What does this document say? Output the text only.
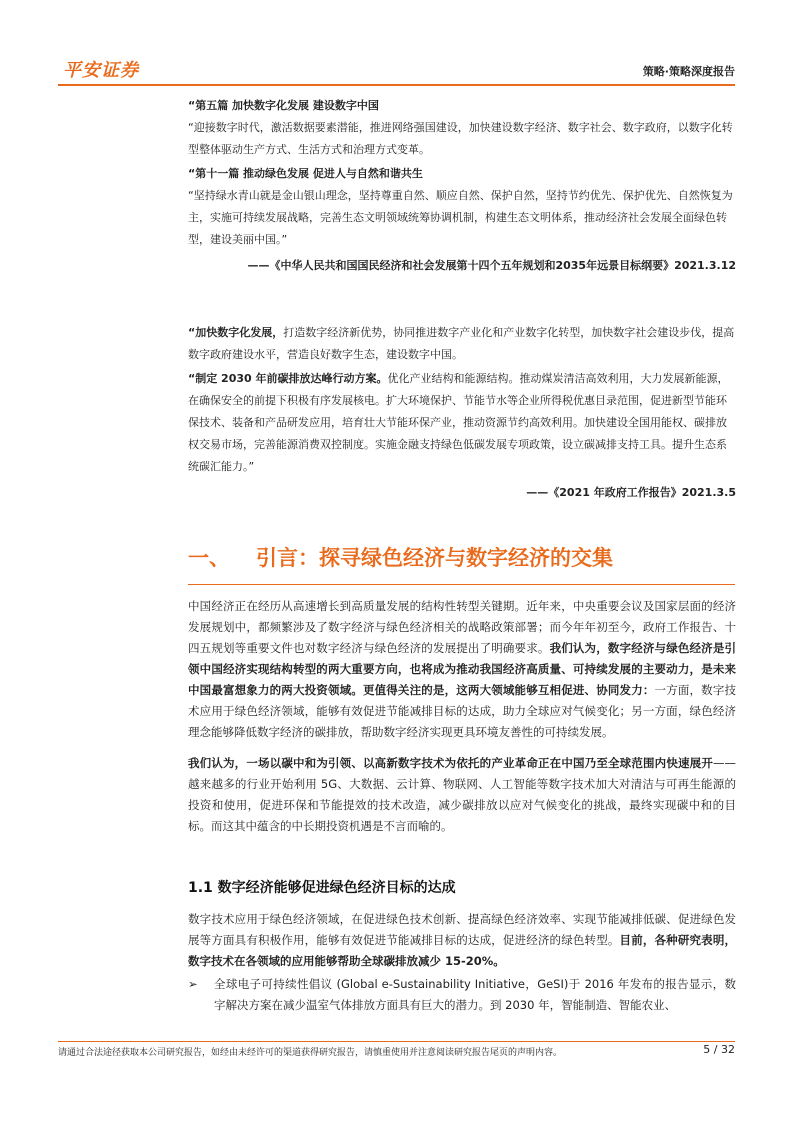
平安证券	策略·策略深度报告

“第五篇 加快数字化发展 建设数字中国

“迎接数字时代，激活数据要素潜能，推进网络强国建设，加快建设数字经济、数字社会、数字政府，以数字化转型整体驱动生产方式、生活方式和治理方式变革。

“第十一篇 推动绿色发展 促进人与自然和谐共生

“坚持绿水青山就是金山银山理念，坚持尊重自然、顺应自然、保护自然，坚持节约优先、保护优先、自然恢复为主，实施可持续发展战略，完善生态文明领域统筹协调机制，构建生态文明体系，推动经济社会发展全面绿色转型，建设美丽中国。”

——《中华人民共和国国民经济和社会发展第十四个五年规划和2035年远景目标纲要》2021.3.12

“加快数字化发展，打造数字经济新优势，协同推进数字产业化和产业数字化转型，加快数字社会建设步伐，提高数字政府建设水平，营造良好数字生态，建设数字中国。

“制定 2030 年前碳排放达峰行动方案。优化产业结构和能源结构。推动煤炭清洁高效利用，大力发展新能源，在确保安全的前提下积极有序发展核电。扩大环境保护、节能节水等企业所得税优惠目录范围，促进新型节能环保技术、装备和产品研发应用，培育壮大节能环保产业，推动资源节约高效利用。加快建设全国用能权、碳排放权交易市场，完善能源消费双控制度。实施金融支持绿色低碳发展专项政策，设立碳减排支持工具。提升生态系统碳汇能力。”

——《2021 年政府工作报告》2021.3.5

一、 引言：探寻绿色经济与数字经济的交集

中国经济正在经历从高速增长到高质量发展的结构性转型关键期。近年来，中央重要会议及国家层面的经济发展规划中，都频繁涉及了数字经济与绿色经济相关的战略政策部署；而今年年初至今，政府工作报告、十四五规划等重要文件也对数字经济与绿色经济的发展提出了明确要求。我们认为，数字经济与绿色经济是引领中国经济实现结构转型的两大重要方向，也将成为推动我国经济高质量、可持续发展的主要动力，是未来中国最富想象力的两大投资领域。更值得关注的是，这两大领域能够互相促进、协同发力：一方面，数字技术应用于绿色经济领域，能够有效促进节能减排目标的达成，助力全球应对气候变化；另一方面，绿色经济理念能够降低数字经济的碳排放，帮助数字经济实现更具环境友善性的可持续发展。

我们认为，一场以碳中和为引领、以高新数字技术为依托的产业革命正在中国乃至全球范围内快速展开——越来越多的行业开始利用 5G、大数据、云计算、物联网、人工智能等数字技术加大对清洁与可再生能源的投资和使用，促进环保和节能提效的技术改造，减少碳排放以应对气候变化的挑战，最终实现碳中和的目标。而这其中蕴含的中长期投资机遇是不言而喻的。

1.1 数字经济能够促进绿色经济目标的达成

数字技术应用于绿色经济领域，在促进绿色技术创新、提高绿色经济效率、实现节能减排低碳、促进绿色发展等方面具有积极作用，能够有效促进节能减排目标的达成，促进经济的绿色转型。目前，各种研究表明，数字技术在各领域的应用能够帮助全球碳排放减少 15-20%。

➢ 全球电子可持续性倡议 (Global e-Sustainability Initiative，GeSI)于 2016 年发布的报告显示，数字解决方案在减少温室气体排放方面具有巨大的潜力。到 2030 年，智能制造、智能农业、
请通过合法途径获取本公司研究报告，如经由未经许可的渠道获得研究报告，请慎重使用并注意阅读研究报告尾页的声明内容。	5 / 32
